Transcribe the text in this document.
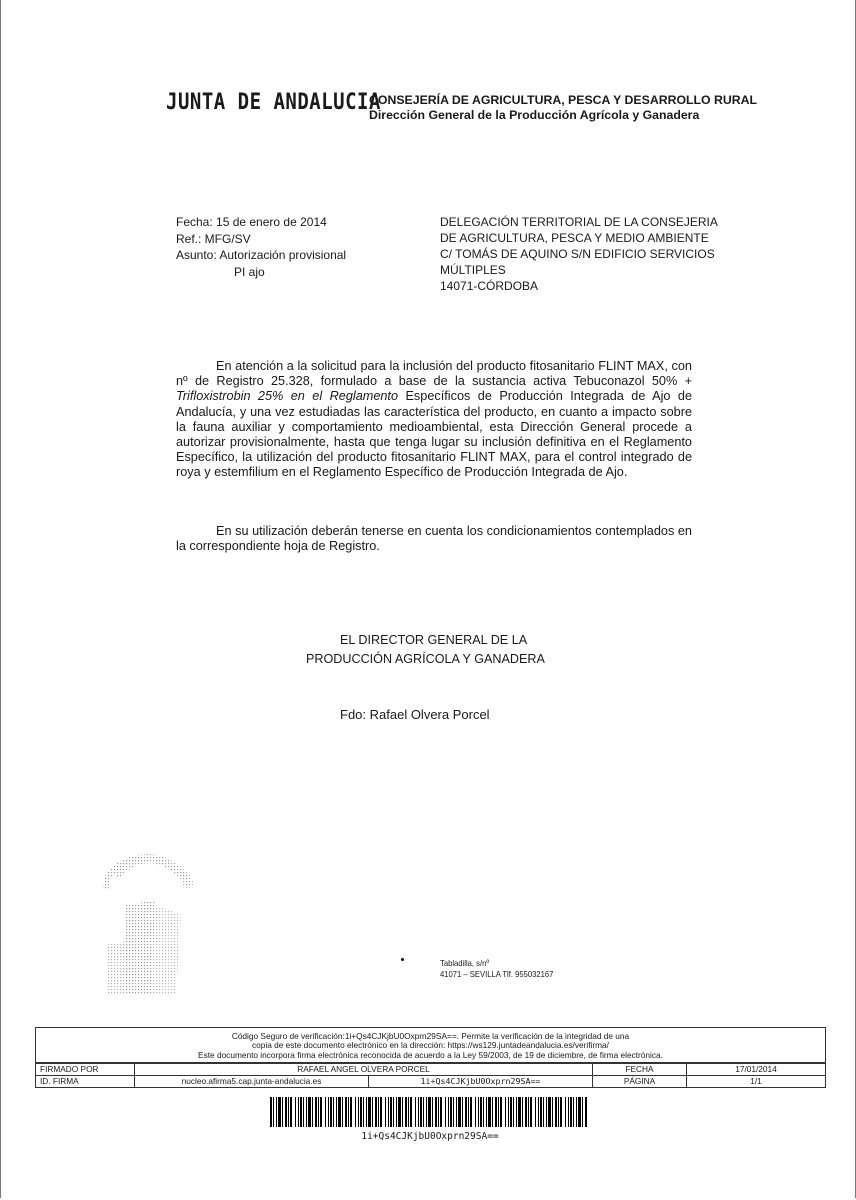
JUNTA DE ANDALUCIA
CONSEJERÍA DE AGRICULTURA, PESCA Y DESARROLLO RURAL
Dirección General de la Producción Agrícola y Ganadera
Fecha: 15 de enero de 2014
Ref.: MFG/SV
Asunto: Autorización provisional
PI ajo
DELEGACIÓN TERRITORIAL DE LA CONSEJERIA
DE AGRICULTURA, PESCA Y MEDIO AMBIENTE
C/ TOMÁS DE AQUINO S/N EDIFICIO SERVICIOS
MÚLTIPLES
14071-CÓRDOBA
En atención a la solicitud para la inclusión del producto fitosanitario FLINT MAX, con nº de Registro 25.328, formulado a base de la sustancia activa Tebuconazol 50% + Trifloxistrobin 25% en el Reglamento Específicos de Producción Integrada de Ajo de Andalucía, y una vez estudiadas las característica del producto, en cuanto a impacto sobre la fauna auxiliar y comportamiento medioambiental, esta Dirección General procede a autorizar provisionalmente, hasta que tenga lugar su inclusión definitiva en el Reglamento Específico, la utilización del producto fitosanitario FLINT MAX, para el control integrado de roya y estemfilium en el Reglamento Específico de Producción Integrada de Ajo.
En su utilización deberán tenerse en cuenta los condicionamientos contemplados en la correspondiente hoja de Registro.
EL DIRECTOR GENERAL DE LA
PRODUCCIÓN AGRÍCOLA Y GANADERA
Fdo: Rafael Olvera Porcel
Tabladilla, s/nº
41071 – SEVILLA Tlf. 955032167
Código Seguro de verificación:1i+Qs4CJKjbU0Oxprn29SA==. Permite la verificación de la integridad de una
copia de este documento electrónico en la dirección: https://ws129.juntadeandalucia.es/verifirma/
Este documento incorpora firma electrónica reconocida de acuerdo a la Ley 59/2003, de 19 de diciembre, de firma electrónica.
FIRMADO POR	RAFAEL ANGEL OLVERA PORCEL		FECHA	17/01/2014
ID. FIRMA	nucleo.afirma5.cap.junta-andalucia.es	1i+Qs4CJKjbU0Oxprn29SA==	PÁGINA	1/1
1i+Qs4CJKjbU0Oxprn29SA==
